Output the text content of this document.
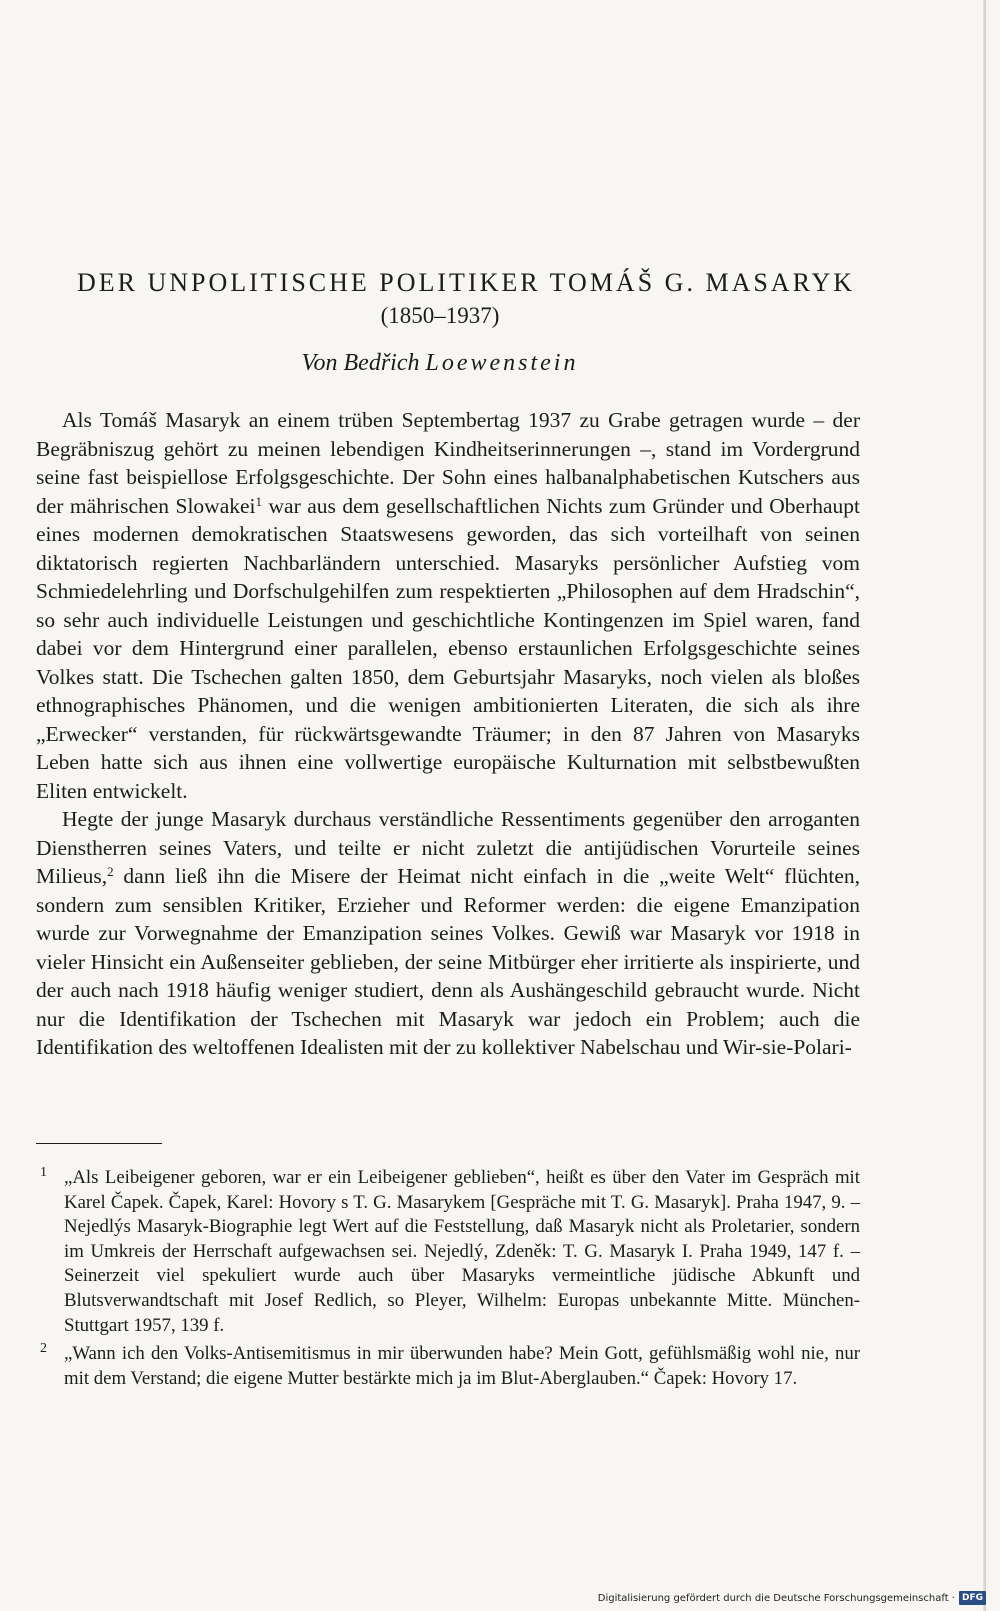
DER UNPOLITISCHE POLITIKER TOMÁŠ G. MASARYK
(1850–1937)
Von Bedřich Loewenstein

Als Tomáš Masaryk an einem trüben Septembertag 1937 zu Grabe getragen wurde – der Begräbniszug gehört zu meinen lebendigen Kindheitserinnerungen –, stand im Vordergrund seine fast beispiellose Erfolgsgeschichte. Der Sohn eines halbanalphabetischen Kutschers aus der mährischen Slowakei$^1$ war aus dem gesellschaftlichen Nichts zum Gründer und Oberhaupt eines modernen demokratischen Staatswesens geworden, das sich vorteilhaft von seinen diktatorisch regierten Nachbarländern unterschied. Masaryks persönlicher Aufstieg vom Schmiedelehrling und Dorfschulgehilfen zum respektierten „Philosophen auf dem Hradschin“, so sehr auch individuelle Leistungen und geschichtliche Kontingenzen im Spiel waren, fand dabei vor dem Hintergrund einer parallelen, ebenso erstaunlichen Erfolgsgeschichte seines Volkes statt. Die Tschechen galten 1850, dem Geburtsjahr Masaryks, noch vielen als bloßes ethnographisches Phänomen, und die wenigen ambitionierten Literaten, die sich als ihre „Erwecker“ verstanden, für rückwärtsgewandte Träumer; in den 87 Jahren von Masaryks Leben hatte sich aus ihnen eine vollwertige europäische Kulturnation mit selbstbewußten Eliten entwickelt.

Hegte der junge Masaryk durchaus verständliche Ressentiments gegenüber den arroganten Dienstherren seines Vaters, und teilte er nicht zuletzt die antijüdischen Vorurteile seines Milieus,$^2$ dann ließ ihn die Misere der Heimat nicht einfach in die „weite Welt“ flüchten, sondern zum sensiblen Kritiker, Erzieher und Reformer werden: die eigene Emanzipation wurde zur Vorwegnahme der Emanzipation seines Volkes. Gewiß war Masaryk vor 1918 in vieler Hinsicht ein Außenseiter geblieben, der seine Mitbürger eher irritierte als inspirierte, und der auch nach 1918 häufig weniger studiert, denn als Aushängeschild gebraucht wurde. Nicht nur die Identifikation der Tschechen mit Masaryk war jedoch ein Problem; auch die Identifikation des weltoffenen Idealisten mit der zu kollektiver Nabelschau und Wir-sie-Polari-

1 „Als Leibeigener geboren, war er ein Leibeigener geblieben“, heißt es über den Vater im Gespräch mit Karel Čapek. Čapek, Karel: Hovory s T. G. Masarykem [Gespräche mit T. G. Masaryk]. Praha 1947, 9. – Nejedlýs Masaryk-Biographie legt Wert auf die Feststellung, daß Masaryk nicht als Proletarier, sondern im Umkreis der Herrschaft aufgewachsen sei. Nejedlý, Zdeněk: T. G. Masaryk I. Praha 1949, 147 f. – Seinerzeit viel spekuliert wurde auch über Masaryks vermeintliche jüdische Abkunft und Blutsverwandtschaft mit Josef Redlich, so Pleyer, Wilhelm: Europas unbekannte Mitte. München-Stuttgart 1957, 139 f.
2 „Wann ich den Volks-Antisemitismus in mir überwunden habe? Mein Gott, gefühlsmäßig wohl nie, nur mit dem Verstand; die eigene Mutter bestärkte mich ja im Blut-Aberglauben.“ Čapek: Hovory 17.
Digitalisierung gefördert durch die Deutsche Forschungsgemeinschaft · DFG
